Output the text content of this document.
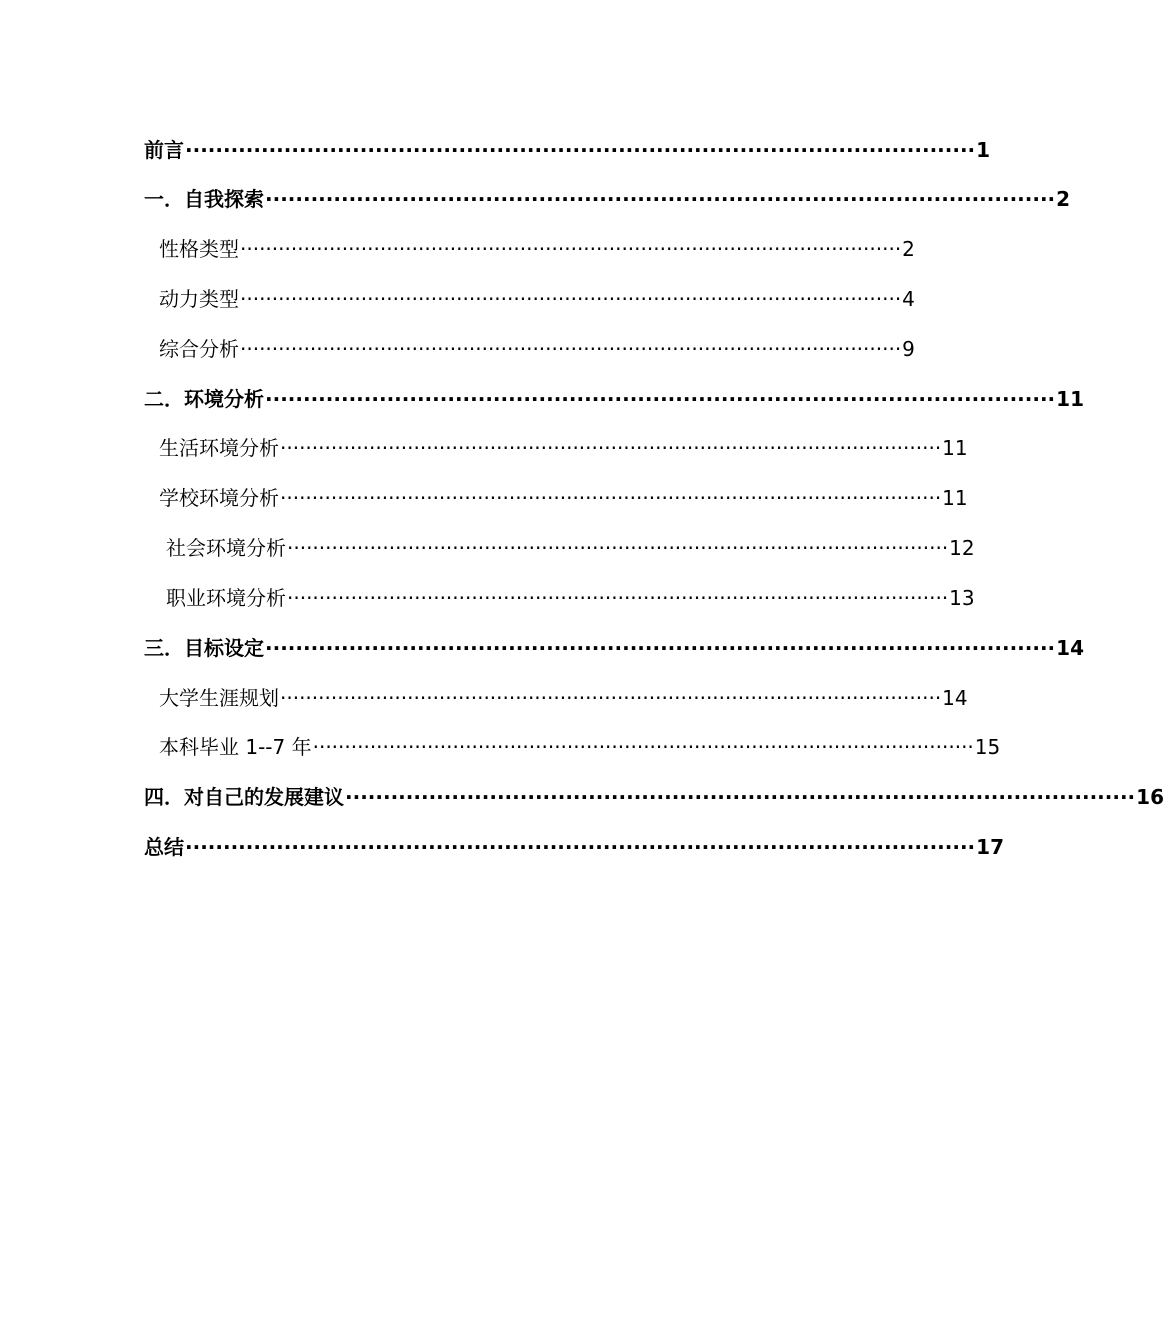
前言 ········································································································ 1
一．自我探索 ········································································································ 2
性格类型 ········································································································ 2
动力类型 ········································································································ 4
综合分析 ········································································································ 9
二．环境分析 ········································································································ 11
生活环境分析 ········································································································ 11
学校环境分析 ········································································································ 11
社会环境分析 ········································································································ 12
职业环境分析 ········································································································ 13
三．目标设定 ········································································································ 14
大学生涯规划 ········································································································ 14
本科毕业 1--7 年 ········································································································ 15
四．对自己的发展建议 ········································································································ 16
总结 ········································································································ 17
